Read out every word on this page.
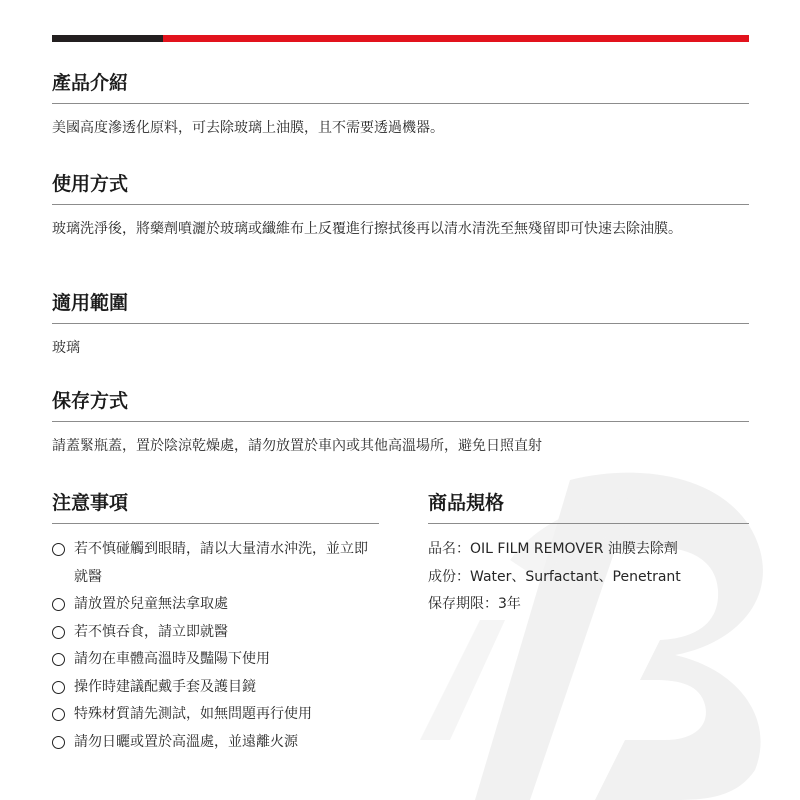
產品介紹
美國高度滲透化原料，可去除玻璃上油膜，且不需要透過機器。
使用方式
玻璃洗淨後，將藥劑噴灑於玻璃或纖維布上反覆進行擦拭後再以清水清洗至無殘留即可快速去除油膜。
適用範圍
玻璃
保存方式
請蓋緊瓶蓋，置於陰涼乾燥處，請勿放置於車內或其他高溫場所，避免日照直射
注意事項
若不慎碰觸到眼睛，請以大量清水沖洗，並立即就醫
請放置於兒童無法拿取處
若不慎吞食，請立即就醫
請勿在車體高溫時及豔陽下使用
操作時建議配戴手套及護目鏡
特殊材質請先測試，如無問題再行使用
請勿日曬或置於高溫處，並遠離火源
商品規格
品名：OIL FILM REMOVER 油膜去除劑
成份：Water、Surfactant、Penetrant
保存期限：3年
